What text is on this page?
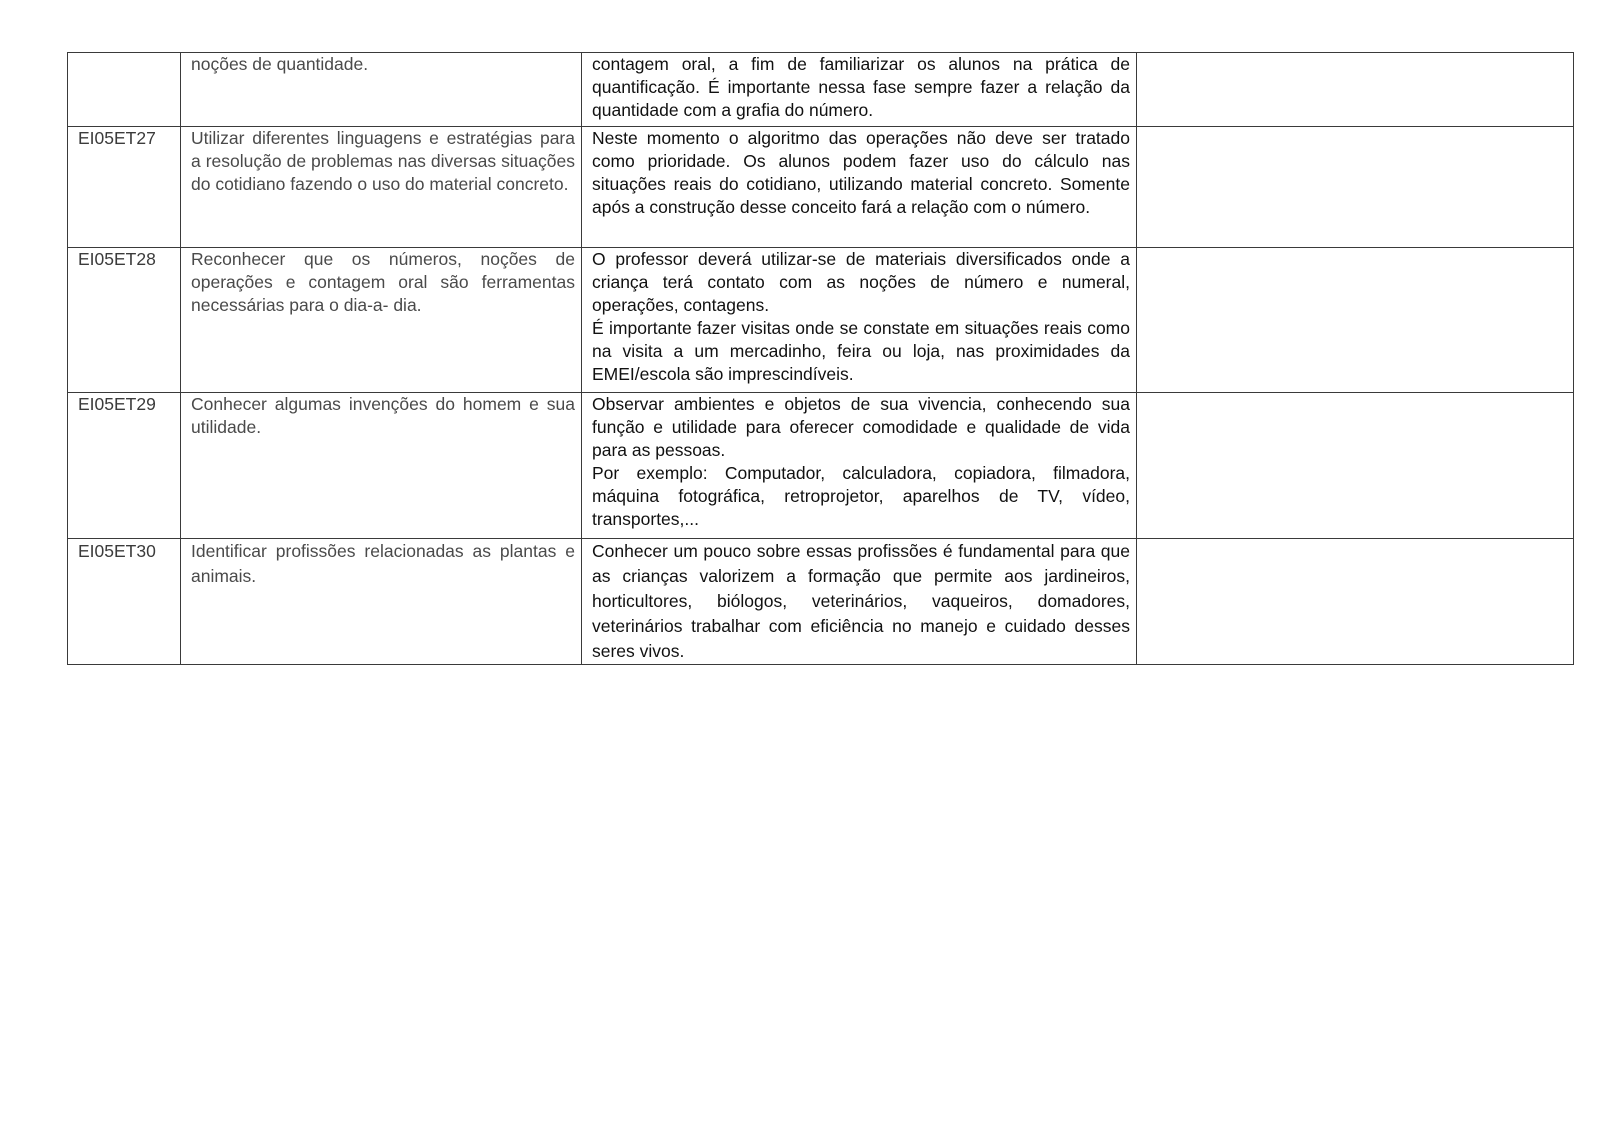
	noções de quantidade.	contagem oral, a fim de familiarizar os alunos na prática de quantificação. É importante nessa fase sempre fazer a relação da quantidade com a grafia do número.	

EI05ET27	Utilizar diferentes linguagens e estratégias para a resolução de problemas nas diversas situações do cotidiano fazendo o uso do material concreto.	Neste momento o algoritmo das operações não deve ser tratado como prioridade. Os alunos podem fazer uso do cálculo nas situações reais do cotidiano, utilizando material concreto. Somente após a construção desse conceito fará a relação com o número.	

EI05ET28	Reconhecer que os números, noções de operações e contagem oral são ferramentas necessárias para o dia-a- dia.	O professor deverá utilizar-se de materiais diversificados onde a criança terá contato com as noções de número e numeral, operações, contagens.
É importante fazer visitas onde se constate em situações reais como na visita a um mercadinho, feira ou loja, nas proximidades da EMEI/escola são imprescindíveis.	

EI05ET29	Conhecer algumas invenções do homem e sua utilidade.	Observar ambientes e objetos de sua vivencia, conhecendo sua função e utilidade para oferecer comodidade e qualidade de vida para as pessoas.
Por exemplo: Computador, calculadora, copiadora, filmadora, máquina fotográfica, retroprojetor, aparelhos de TV, vídeo, transportes,...	

EI05ET30	Identificar profissões relacionadas as plantas e animais.	Conhecer um pouco sobre essas profissões é fundamental para que as crianças valorizem a formação que permite aos jardineiros, horticultores, biólogos, veterinários, vaqueiros, domadores, veterinários trabalhar com eficiência no manejo e cuidado desses seres vivos.	
